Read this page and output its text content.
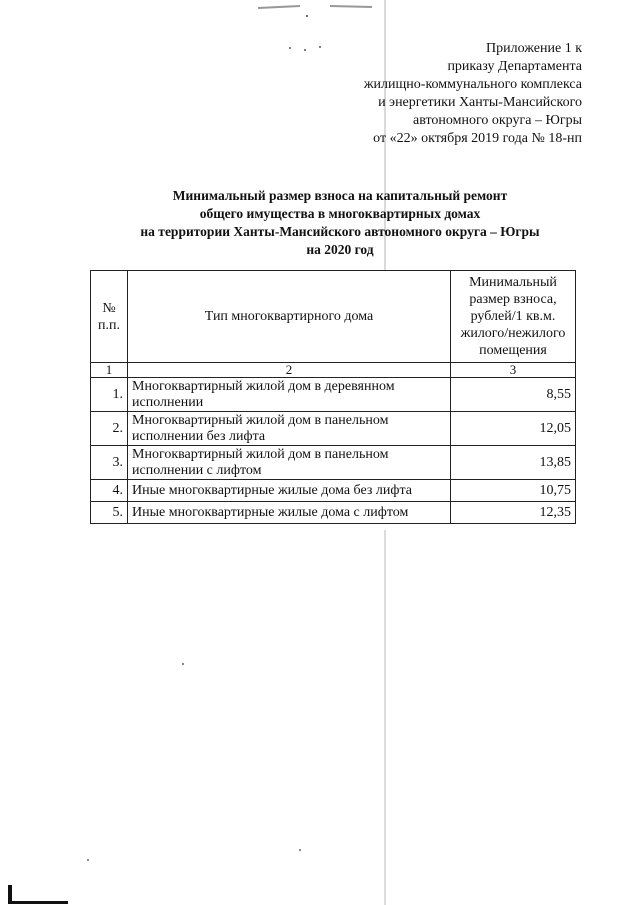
Приложение 1 к
приказу Департамента
жилищно-коммунального комплекса
и энергетики Ханты-Мансийского
автономного округа – Югры
от «22» октября 2019 года № 18-нп
Минимальный размер взноса на капитальный ремонт
общего имущества в многоквартирных домах
на территории Ханты-Мансийского автономного округа – Югры
на 2020 год
№ п.п.	Тип многоквартирного дома	Минимальный размер взноса, рублей/1 кв.м. жилого/нежилого помещения
1	2	3
1.	Многоквартирный жилой дом в деревянном исполнении	8,55
2.	Многоквартирный жилой дом в панельном исполнении без лифта	12,05
3.	Многоквартирный жилой дом в панельном исполнении с лифтом	13,85
4.	Иные многоквартирные жилые дома без лифта	10,75
5.	Иные многоквартирные жилые дома с лифтом	12,35
